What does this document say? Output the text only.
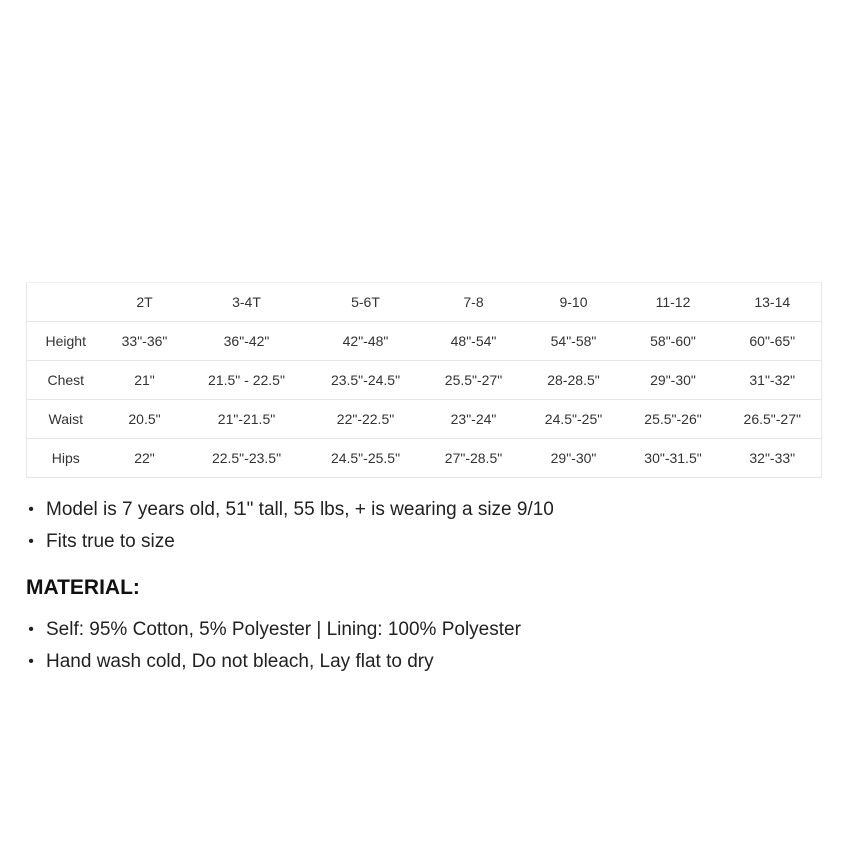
	2T	3-4T	5-6T	7-8	9-10	11-12	13-14
Height	33"-36"	36"-42"	42"-48"	48"-54"	54"-58"	58"-60"	60"-65"
Chest	21"	21.5" - 22.5"	23.5"-24.5"	25.5"-27"	28-28.5"	29"-30"	31"-32"
Waist	20.5"	21"-21.5"	22"-22.5"	23"-24"	24.5"-25"	25.5"-26"	26.5"-27"
Hips	22"	22.5"-23.5"	24.5"-25.5"	27"-28.5"	29"-30"	30"-31.5"	32"-33"
• Model is 7 years old, 51" tall, 55 lbs, + is wearing a size 9/10
• Fits true to size
MATERIAL:
• Self: 95% Cotton, 5% Polyester | Lining: 100% Polyester
• Hand wash cold, Do not bleach, Lay flat to dry
